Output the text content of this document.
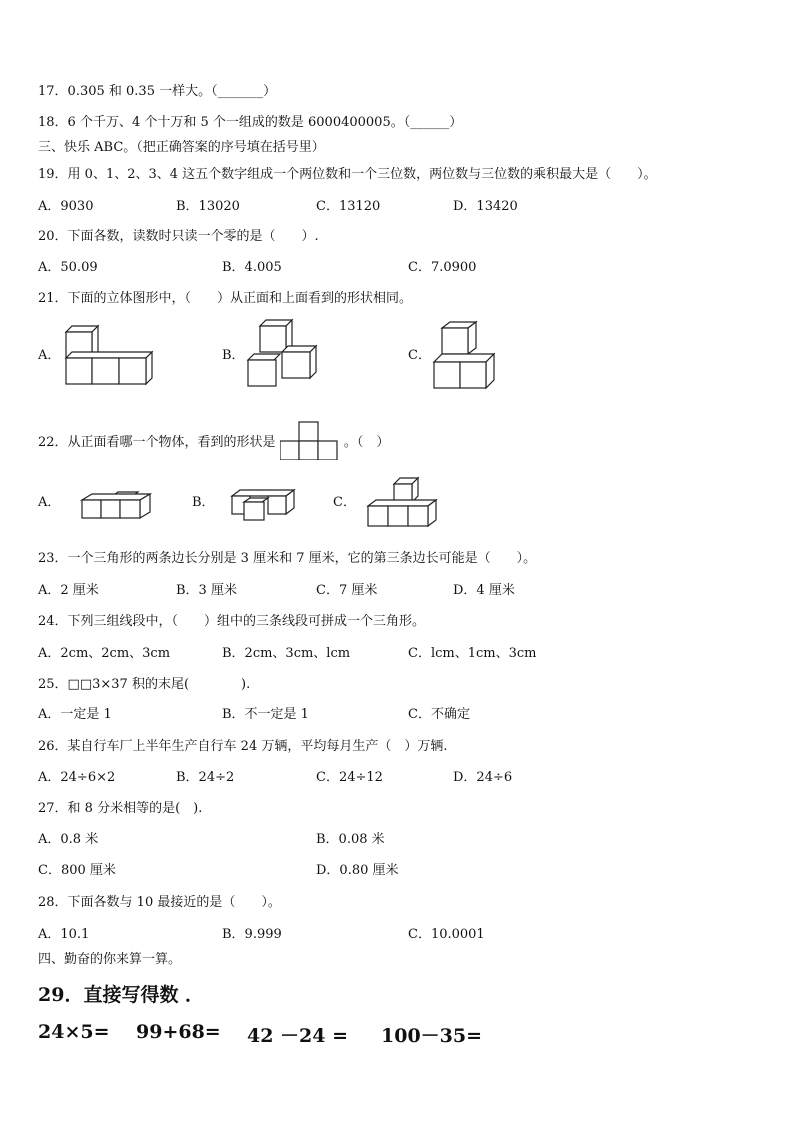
17．0.305 和 0.35 一样大。（_______）
18．6 个千万、4 个十万和 5 个一组成的数是 6000400005。（______）
三、快乐 ABC。（把正确答案的序号填在括号里）
19．用 0、1、2、3、4 这五个数字组成一个两位数和一个三位数，两位数与三位数的乘积最大是（　　）。
A．9030	B．13020	C．13120	D．13420
20．下面各数，读数时只读一个零的是（　　）.
A．50.09	B．4.005	C．7.0900
21．下面的立体图形中，（　　）从正面和上面看到的形状相同。
A．	B．	C．
22．从正面看哪一个物体，看到的形状是	。（　）
A．	B．	C．
23．一个三角形的两条边长分别是 3 厘米和 7 厘米，它的第三条边长可能是（　　）。
A．2 厘米	B．3 厘米	C．7 厘米	D．4 厘米
24．下列三组线段中，（　　）组中的三条线段可拼成一个三角形。
A．2cm、2cm、3cm	B．2cm、3cm、lcm	C．lcm、1cm、3cm
25．□□3×37 积的末尾(　　　　).
A．一定是 1	B．不一定是 1	C．不确定
26．某自行车厂上半年生产自行车 24 万辆，平均每月生产（　）万辆.
A．24÷6×2	B．24÷2	C．24÷12	D．24÷6
27．和 8 分米相等的是(　).
A．0.8 米	B．0.08 米
C．800 厘米	D．0.80 厘米
28．下面各数与 10 最接近的是（　　）。
A．10.1	B．9.999	C．10.0001
四、勤奋的你来算一算。
29．直接写得数 ．
24×5= 99+68= 42 －24 = 100－35=
